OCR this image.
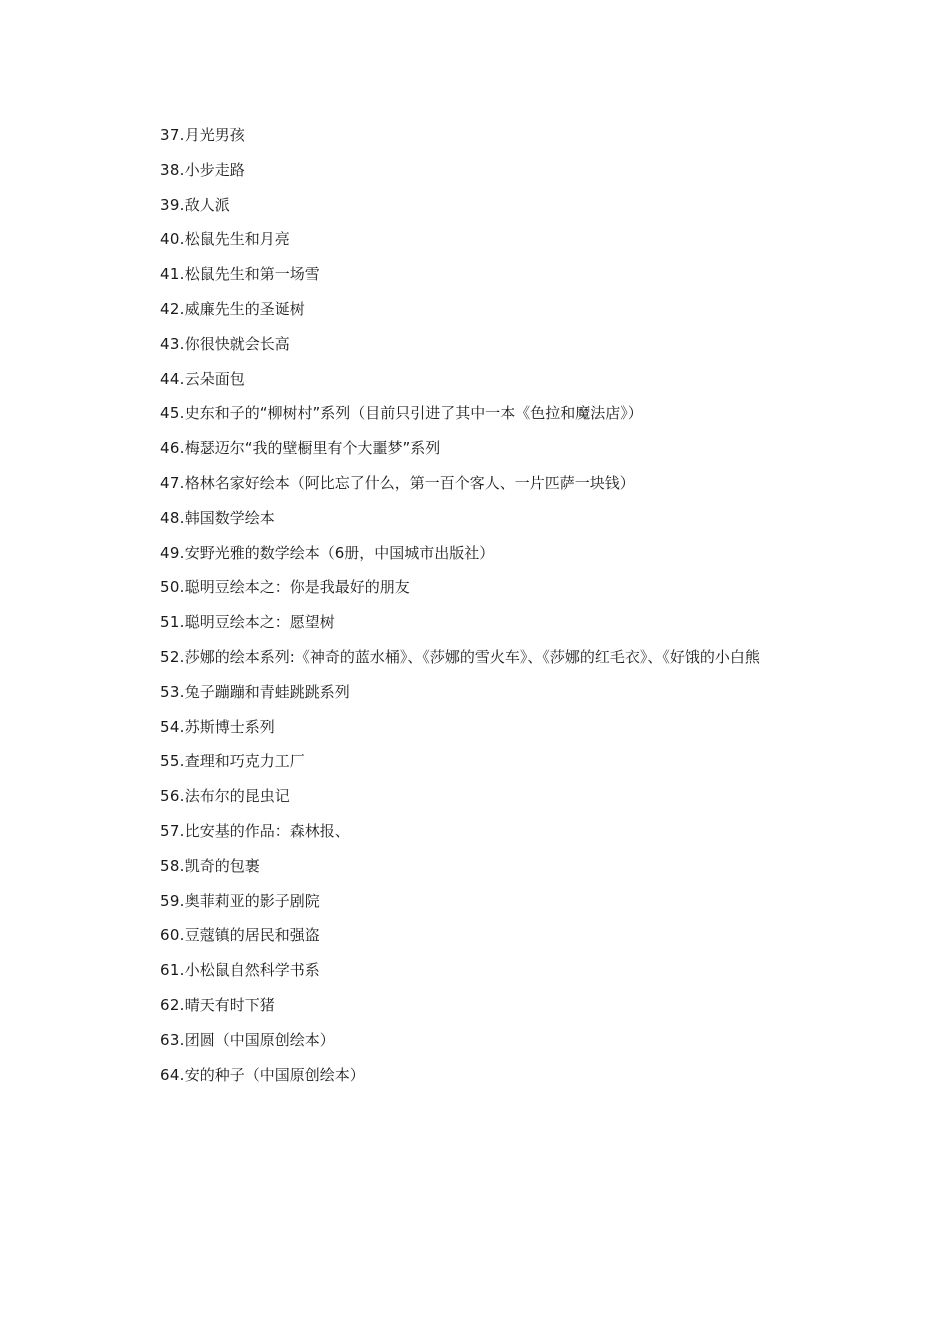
37.月光男孩

38.小步走路

39.敌人派

40.松鼠先生和月亮

41.松鼠先生和第一场雪

42.威廉先生的圣诞树

43.你很快就会长高

44.云朵面包

45.史东和子的“柳树村”系列（目前只引进了其中一本《色拉和魔法店》）

46.梅瑟迈尔“我的壁橱里有个大噩梦”系列

47.格林名家好绘本（阿比忘了什么，第一百个客人、一片匹萨一块钱）

48.韩国数学绘本

49.安野光雅的数学绘本（6册，中国城市出版社）

50.聪明豆绘本之：你是我最好的朋友

51.聪明豆绘本之：愿望树

52.莎娜的绘本系列:《神奇的蓝水桶》、《莎娜的雪火车》、《莎娜的红毛衣》、《好饿的小白熊

53.兔子蹦蹦和青蛙跳跳系列

54.苏斯博士系列

55.查理和巧克力工厂

56.法布尔的昆虫记

57.比安基的作品：森林报、

58.凯奇的包裹

59.奥菲莉亚的影子剧院

60.豆蔻镇的居民和强盗

61.小松鼠自然科学书系

62.晴天有时下猪

63.团圆（中国原创绘本）

64.安的种子（中国原创绘本）
